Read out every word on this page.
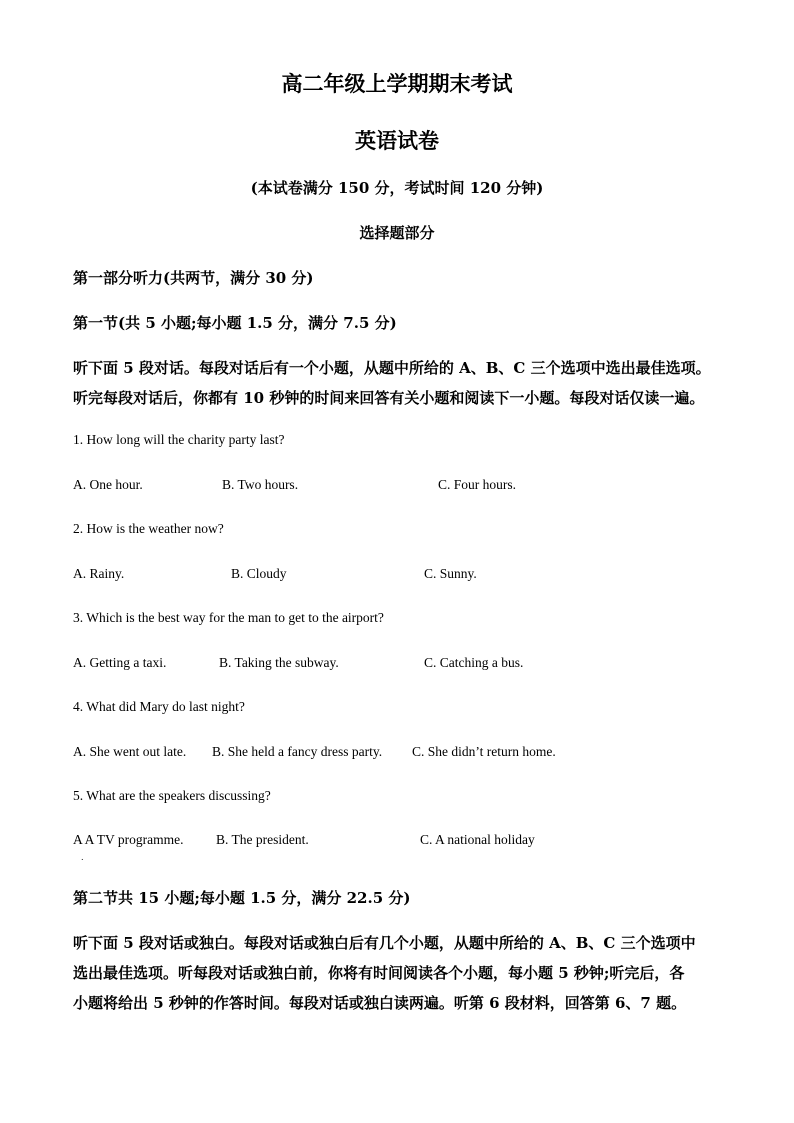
高二年级上学期期末考试
英语试卷
(本试卷满分 150 分，考试时间 120 分钟)
选择题部分
第一部分听力(共两节，满分 30 分)
第一节(共 5 小题;每小题 1.5 分，满分 7.5 分)
听下面 5 段对话。每段对话后有一个小题，从题中所给的 A、B、C 三个选项中选出最佳选项。
听完每段对话后，你都有 10 秒钟的时间来回答有关小题和阅读下一小题。每段对话仅读一遍。
1. How long will the charity party last?
A. One hour.	B. Two hours.	C. Four hours.
2. How is the weather now?
A. Rainy.	B. Cloudy	C. Sunny.
3. Which is the best way for the man to get to the airport?
A. Getting a taxi.	B. Taking the subway.	C. Catching a bus.
4. What did Mary do last night?
A. She went out late. B. She held a fancy dress party. C. She didn’t return home.
5. What are the speakers discussing?
A A TV programme. B. The president.	C. A national holiday
.
第二节共 15 小题;每小题 1.5 分，满分 22.5 分)
听下面 5 段对话或独白。每段对话或独白后有几个小题，从题中所给的 A、B、C 三个选项中
选出最佳选项。听每段对话或独白前，你将有时间阅读各个小题，每小题 5 秒钟;听完后，各
小题将给出 5 秒钟的作答时间。每段对话或独白读两遍。听第 6 段材料，回答第 6、7 题。
